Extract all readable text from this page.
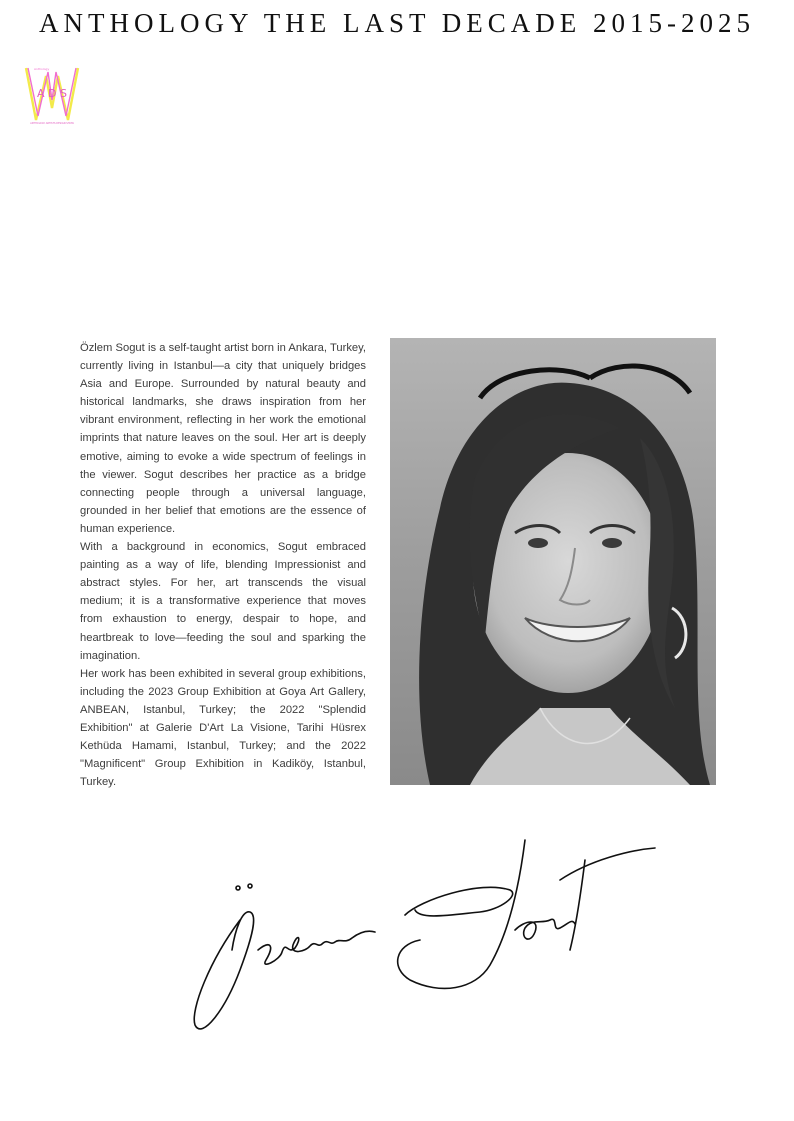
ANTHOLOGY THE LAST DECADE 2015-2025
Anthology
A D S
ANTHOLOGY ARTISTS DESIGN SHOW

Özlem Sogut is a self-taught artist born in Ankara, Turkey, currently living in Istanbul—a city that uniquely bridges Asia and Europe. Surrounded by natural beauty and historical landmarks, she draws inspiration from her vibrant environment, reflecting in her work the emotional imprints that nature leaves on the soul. Her art is deeply emotive, aiming to evoke a wide spectrum of feelings in the viewer. Sogut describes her practice as a bridge connecting people through a universal language, grounded in her belief that emotions are the essence of human experience.

With a background in economics, Sogut embraced painting as a way of life, blending Impressionist and abstract styles. For her, art transcends the visual medium; it is a transformative experience that moves from exhaustion to energy, despair to hope, and heartbreak to love—feeding the soul and sparking the imagination.

Her work has been exhibited in several group exhibitions, including the 2023 Group Exhibition at Goya Art Gallery, ANBEAN, Istanbul, Turkey; the 2022 "Splendid Exhibition" at Galerie D'Art La Visione, Tarihi Hüsrex Kethüda Hamami, Istanbul, Turkey; and the 2022 "Magnificent" Group Exhibition in Kadiköy, Istanbul, Turkey.
